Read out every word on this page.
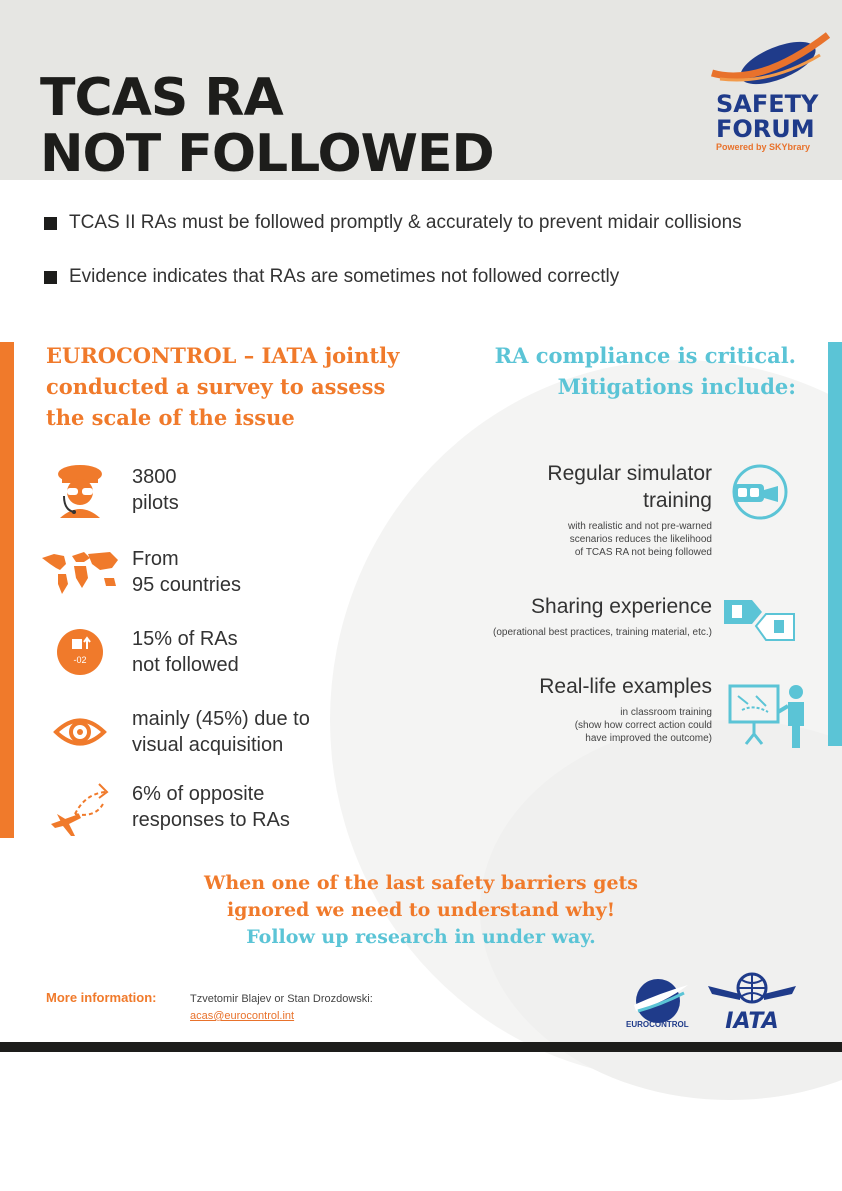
TCAS RA
NOT FOLLOWED
SAFETY
FORUM
Powered by SKYbrary
TCAS II RAs must be followed promptly & accurately to prevent midair collisions
Evidence indicates that RAs are sometimes not followed correctly
EUROCONTROL – IATA jointly
conducted a survey to assess
the scale of the issue
RA compliance is critical.
Mitigations include:
3800
pilots
From
95 countries
-02
15% of RAs
not followed
mainly (45%) due to
visual acquisition
6% of opposite
responses to RAs
Regular simulator
training
with realistic and not pre-warned
scenarios reduces the likelihood
of TCAS RA not being followed
Sharing experience
(operational best practices, training material, etc.)
Real-life examples
in classroom training
(show how correct action could
have improved the outcome)
When one of the last safety barriers gets
ignored we need to understand why!
Follow up research in under way.
More information:	Tzvetomir Blajev or Stan Drozdowski:
acas@eurocontrol.int
EUROCONTROL IATA
